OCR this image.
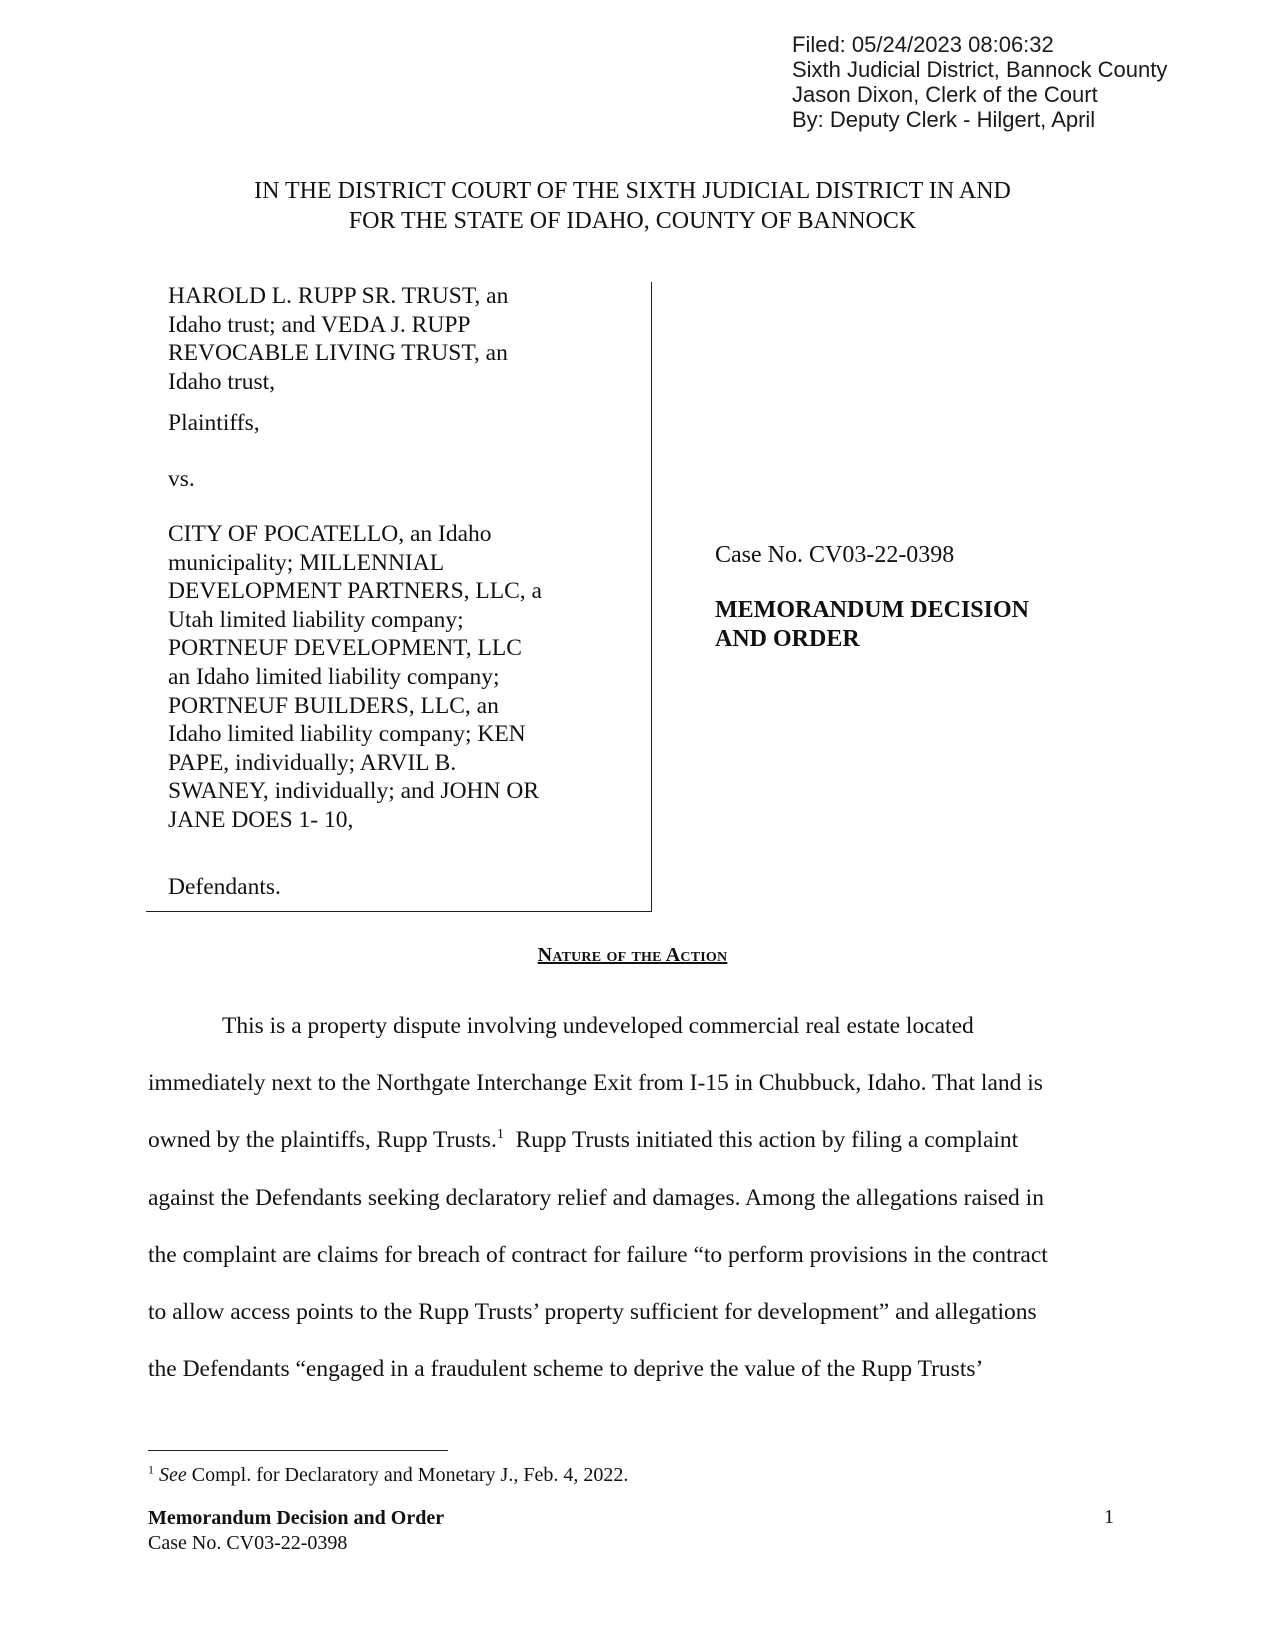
Filed: 05/24/2023 08:06:32
Sixth Judicial District, Bannock County
Jason Dixon, Clerk of the Court
By: Deputy Clerk - Hilgert, April
IN THE DISTRICT COURT OF THE SIXTH JUDICIAL DISTRICT IN AND
FOR THE STATE OF IDAHO, COUNTY OF BANNOCK
HAROLD L. RUPP SR. TRUST, an
Idaho trust; and VEDA J. RUPP
REVOCABLE LIVING TRUST, an
Idaho trust,
Plaintiffs,
vs.
CITY OF POCATELLO, an Idaho
municipality; MILLENNIAL
DEVELOPMENT PARTNERS, LLC, a
Utah limited liability company;
PORTNEUF DEVELOPMENT, LLC
an Idaho limited liability company;
PORTNEUF BUILDERS, LLC, an
Idaho limited liability company; KEN
PAPE, individually; ARVIL B.
SWANEY, individually; and JOHN OR
JANE DOES 1- 10,
Defendants.
Case No. CV03-22-0398
MEMORANDUM DECISION
AND ORDER
Nature of the Action
This is a property dispute involving undeveloped commercial real estate located
immediately next to the Northgate Interchange Exit from I-15 in Chubbuck, Idaho. That land is
owned by the plaintiffs, Rupp Trusts.$^1$  Rupp Trusts initiated this action by filing a complaint
against the Defendants seeking declaratory relief and damages. Among the allegations raised in
the complaint are claims for breach of contract for failure “to perform provisions in the contract
to allow access points to the Rupp Trusts’ property sufficient for development” and allegations
the Defendants “engaged in a fraudulent scheme to deprive the value of the Rupp Trusts’
$^1$ See Compl. for Declaratory and Monetary J., Feb. 4, 2022.
Memorandum Decision and Order
Case No. CV03-22-0398
1
